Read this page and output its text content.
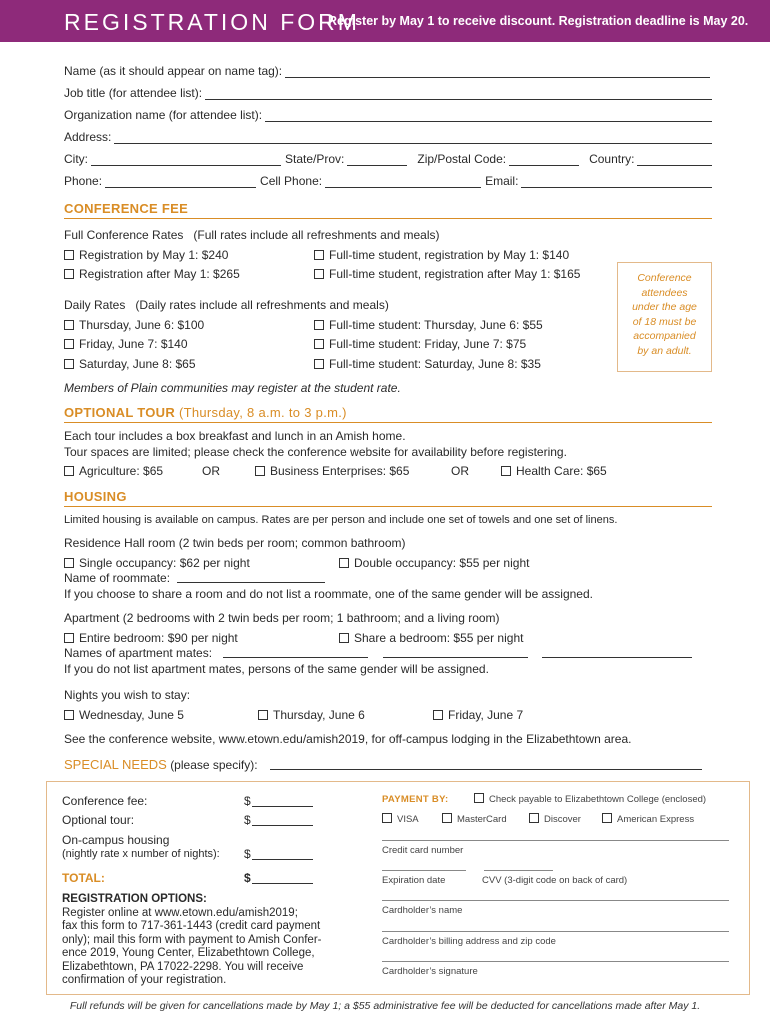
REGISTRATION FORM
Register by May 1 to receive discount. Registration deadline is May 20.
Name (as it should appear on name tag):
Job title (for attendee list):
Organization name (for attendee list):
Address:
City:	State/Prov:	Zip/Postal Code:	Country:
Phone:	Cell Phone:	Email:
CONFERENCE FEE
Full Conference Rates (Full rates include all refreshments and meals)
Registration by May 1: $240	Full-time student, registration by May 1: $140
Registration after May 1: $265	Full-time student, registration after May 1: $165
Daily Rates (Daily rates include all refreshments and meals)
Thursday, June 6: $100	Full-time student: Thursday, June 6: $55
Friday, June 7: $140	Full-time student: Friday, June 7: $75
Saturday, June 8: $65	Full-time student: Saturday, June 8: $35
Conference
attendees
under the age
of 18 must be
accompanied
by an adult.
Members of Plain communities may register at the student rate.
OPTIONAL TOUR (Thursday, 8 a.m. to 3 p.m.)
Each tour includes a box breakfast and lunch in an Amish home.
Tour spaces are limited; please check the conference website for availability before registering.
Agriculture: $65	OR	Business Enterprises: $65	OR	Health Care: $65
HOUSING
Limited housing is available on campus. Rates are per person and include one set of towels and one set of linens.
Residence Hall room (2 twin beds per room; common bathroom)
Single occupancy: $62 per night	Double occupancy: $55 per night
Name of roommate:
If you choose to share a room and do not list a roommate, one of the same gender will be assigned.
Apartment (2 bedrooms with 2 twin beds per room; 1 bathroom; and a living room)
Entire bedroom: $90 per night	Share a bedroom: $55 per night
Names of apartment mates:
If you do not list apartment mates, persons of the same gender will be assigned.
Nights you wish to stay:
Wednesday, June 5	Thursday, June 6	Friday, June 7
See the conference website, www.etown.edu/amish2019, for off-campus lodging in the Elizabethtown area.
SPECIAL NEEDS (please specify):
Conference fee:	$
Optional tour:	$
On-campus housing
(nightly rate x number of nights): $
TOTAL:	$
REGISTRATION OPTIONS:
Register online at www.etown.edu/amish2019;
fax this form to 717-361-1443 (credit card payment
only); mail this form with payment to Amish Confer-
ence 2019, Young Center, Elizabethtown College,
Elizabethtown, PA 17022-2298. You will receive
confirmation of your registration.
PAYMENT BY:	Check payable to Elizabethtown College (enclosed)
VISA	MasterCard	Discover	American Express
Credit card number
Expiration date	CVV (3-digit code on back of card)
Cardholder’s name
Cardholder’s billing address and zip code
Cardholder’s signature
Full refunds will be given for cancellations made by May 1; a $55 administrative fee will be deducted for cancellations made after May 1.
